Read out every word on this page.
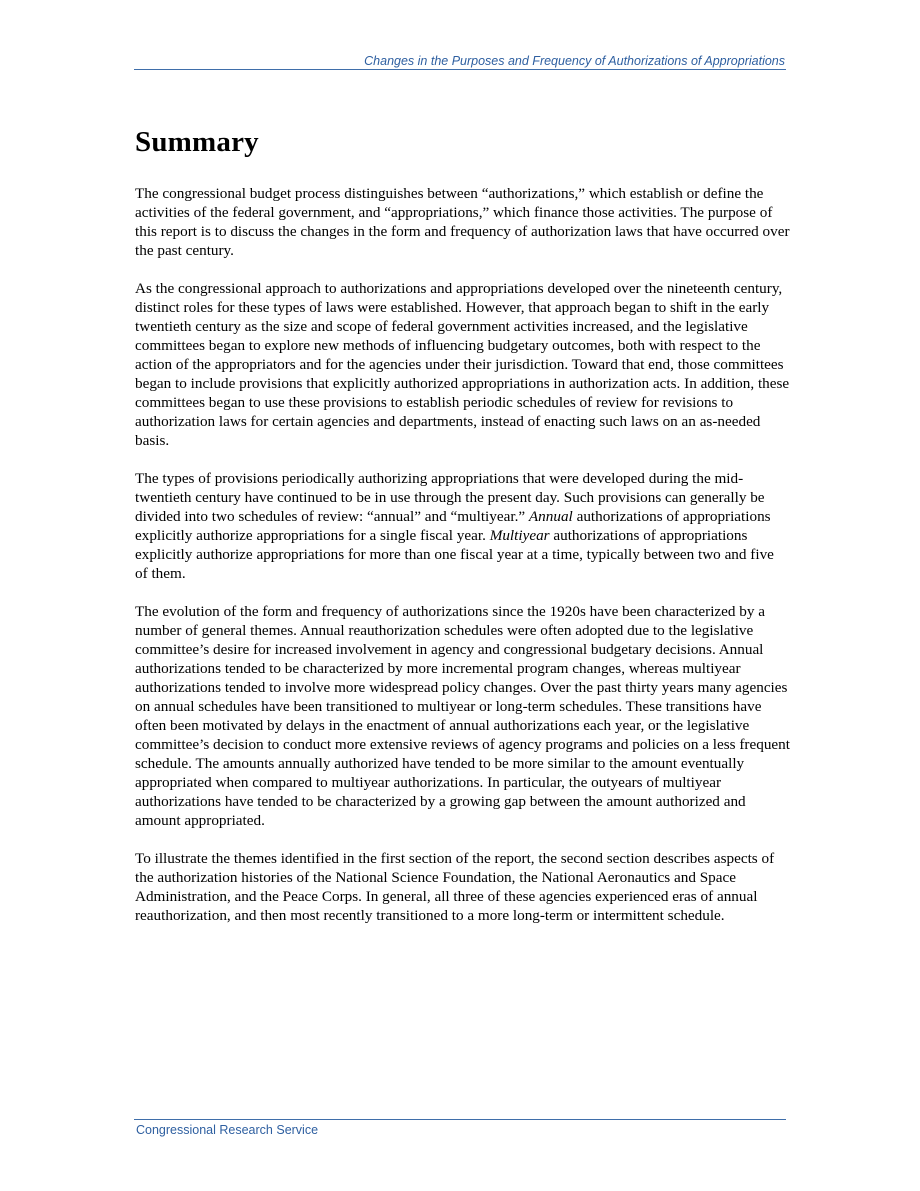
Changes in the Purposes and Frequency of Authorizations of Appropriations
Summary

The congressional budget process distinguishes between “authorizations,” which establish or define the activities of the federal government, and “appropriations,” which finance those activities. The purpose of this report is to discuss the changes in the form and frequency of authorization laws that have occurred over the past century.

As the congressional approach to authorizations and appropriations developed over the nineteenth century, distinct roles for these types of laws were established. However, that approach began to shift in the early twentieth century as the size and scope of federal government activities increased, and the legislative committees began to explore new methods of influencing budgetary outcomes, both with respect to the action of the appropriators and for the agencies under their jurisdiction. Toward that end, those committees began to include provisions that explicitly authorized appropriations in authorization acts. In addition, these committees began to use these provisions to establish periodic schedules of review for revisions to authorization laws for certain agencies and departments, instead of enacting such laws on an as-needed basis.

The types of provisions periodically authorizing appropriations that were developed during the mid-twentieth century have continued to be in use through the present day. Such provisions can generally be divided into two schedules of review: “annual” and “multiyear.” Annual authorizations of appropriations explicitly authorize appropriations for a single fiscal year. Multiyear authorizations of appropriations explicitly authorize appropriations for more than one fiscal year at a time, typically between two and five of them.

The evolution of the form and frequency of authorizations since the 1920s have been characterized by a number of general themes. Annual reauthorization schedules were often adopted due to the legislative committee’s desire for increased involvement in agency and congressional budgetary decisions. Annual authorizations tended to be characterized by more incremental program changes, whereas multiyear authorizations tended to involve more widespread policy changes. Over the past thirty years many agencies on annual schedules have been transitioned to multiyear or long-term schedules. These transitions have often been motivated by delays in the enactment of annual authorizations each year, or the legislative committee’s decision to conduct more extensive reviews of agency programs and policies on a less frequent schedule. The amounts annually authorized have tended to be more similar to the amount eventually appropriated when compared to multiyear authorizations. In particular, the outyears of multiyear authorizations have tended to be characterized by a growing gap between the amount authorized and amount appropriated.

To illustrate the themes identified in the first section of the report, the second section describes aspects of the authorization histories of the National Science Foundation, the National Aeronautics and Space Administration, and the Peace Corps. In general, all three of these agencies experienced eras of annual reauthorization, and then most recently transitioned to a more long-term or intermittent schedule.

Congressional Research Service
